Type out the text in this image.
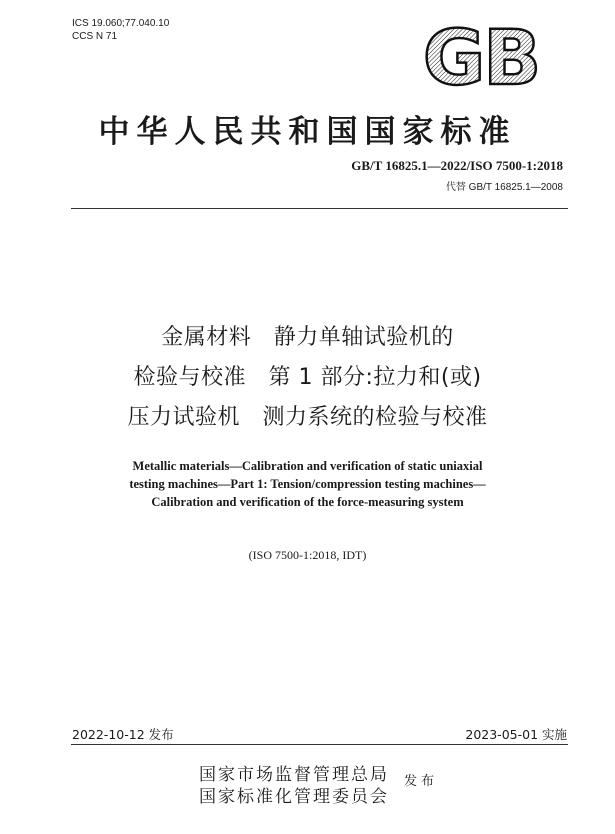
ICS 19.060;77.040.10
CCS N 71	GB
中华人民共和国国家标准
GB/T 16825.1—2022/ISO 7500-1:2018
代替 GB/T 16825.1—2008
金属材料　静力单轴试验机的
检验与校准　第 1 部分:拉力和(或)
压力试验机　测力系统的检验与校准
Metallic materials—Calibration and verification of static uniaxial
testing machines—Part 1: Tension/compression testing machines—
Calibration and verification of the force-measuring system
(ISO 7500-1:2018, IDT)
2022-10-12 发布	2023-05-01 实施
国家市场监督管理总局
国家标准化管理委员会
发布
